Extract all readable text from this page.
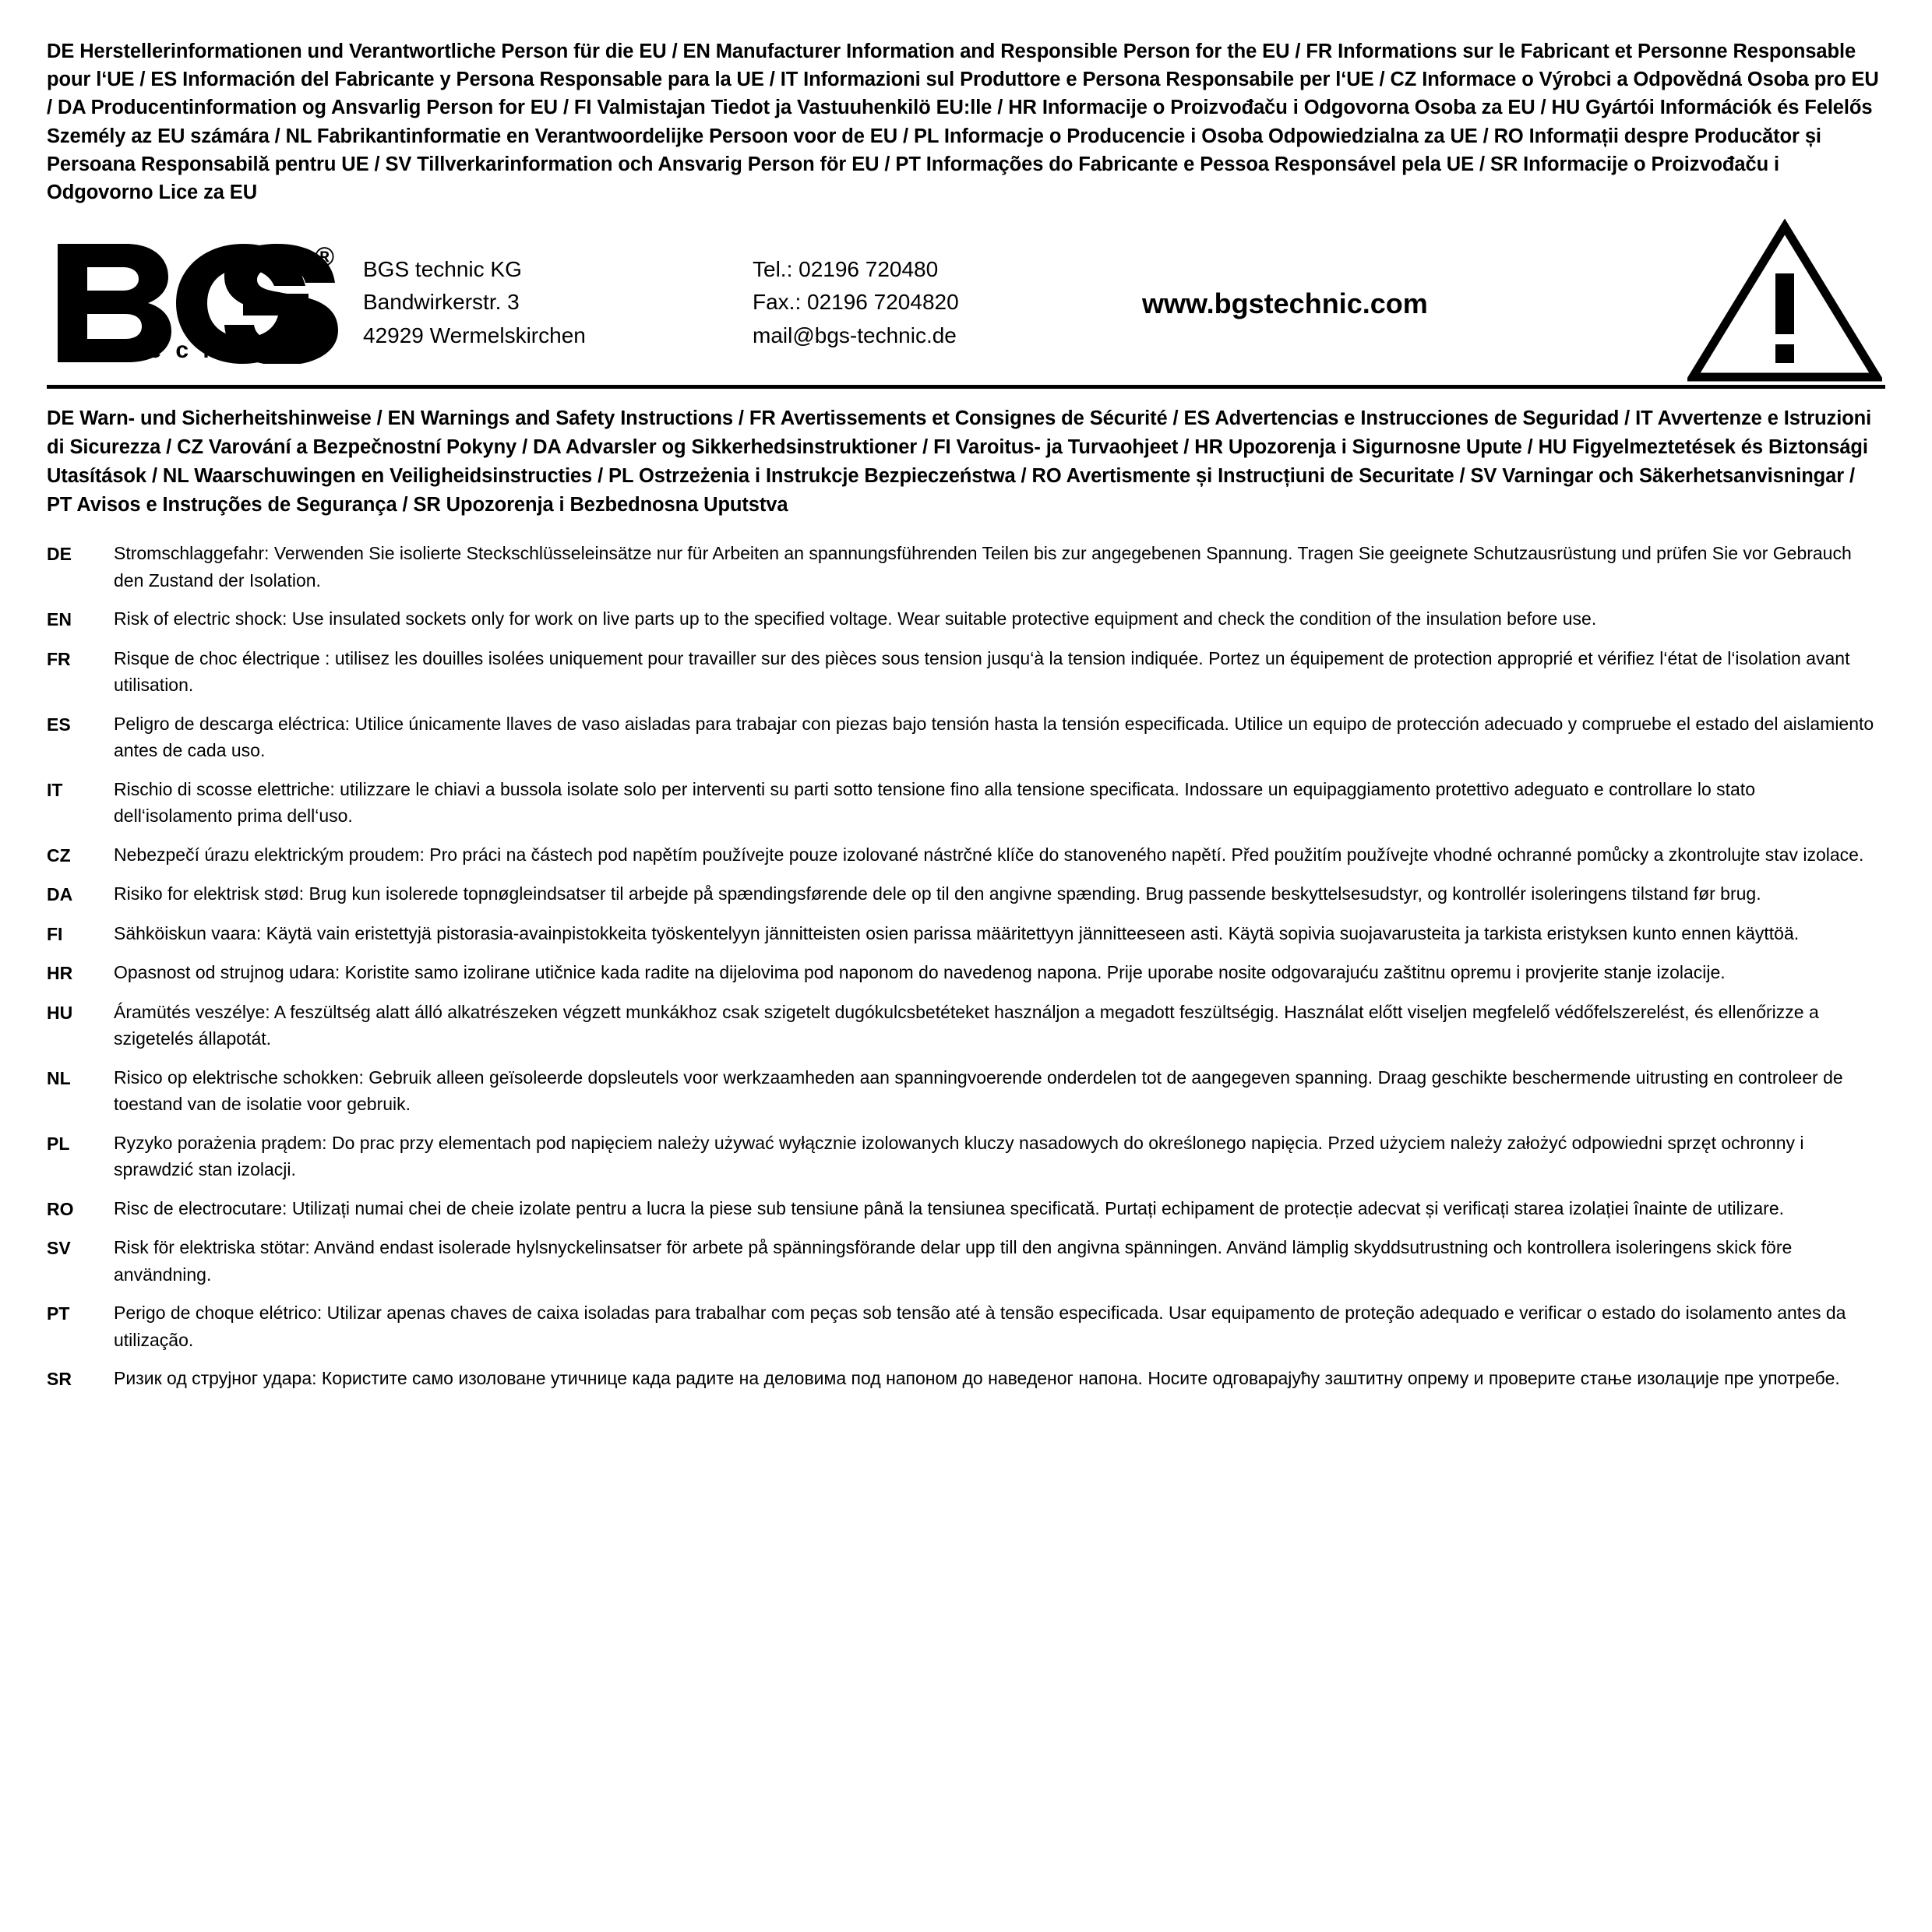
DE Herstellerinformationen und Verantwortliche Person für die EU / EN Manufacturer Information and Responsible Person for the EU / FR Informations sur le Fabricant et Personne Responsable pour l‘UE / ES Información del Fabricante y Persona Responsable para la UE / IT Informazioni sul Produttore e Persona Responsabile per l‘UE / CZ Informace o Výrobci a Odpovědná Osoba pro EU / DA Producentinformation og Ansvarlig Person for EU / FI Valmistajan Tiedot ja Vastuuhenkilö EU:lle / HR Informacije o Proizvođaču i Odgovorna Osoba za EU / HU Gyártói Információk és Felelős Személy az EU számára / NL Fabrikantinformatie en Verantwoordelijke Persoon voor de EU / PL Informacje o Producencie i Osoba Odpowiedzialna za UE / RO Informații despre Producător și Persoana Responsabilă pentru UE / SV Tillverkarinformation och Ansvarig Person för EU / PT Informações do Fabricante e Pessoa Responsável pela UE / SR Informacije o Proizvođaču i Odgovorno Lice za EU
®
t e c h n i c
BGS technic KG
Bandwirkerstr. 3
42929 Wermelskirchen
Tel.: 02196 720480
Fax.: 02196 7204820
mail@bgs-technic.de
www.bgstechnic.com
DE Warn- und Sicherheitshinweise / EN Warnings and Safety Instructions / FR Avertissements et Consignes de Sécurité / ES Advertencias e Instrucciones de Seguridad / IT Avvertenze e Istruzioni di Sicurezza / CZ Varování a Bezpečnostní Pokyny / DA Advarsler og Sikkerhedsinstruktioner / FI Varoitus- ja Turvaohjeet / HR Upozorenja i Sigurnosne Upute / HU Figyelmeztetések és Biztonsági Utasítások / NL Waarschuwingen en Veiligheidsinstructies / PL Ostrzeżenia i Instrukcje Bezpieczeństwa / RO Avertismente și Instrucțiuni de Securitate / SV Varningar och Säkerhetsanvisningar / PT Avisos e Instruções de Segurança / SR Upozorenja i Bezbednosna Uputstva
DE	Stromschlaggefahr: Verwenden Sie isolierte Steckschlüsseleinsätze nur für Arbeiten an spannungsführenden Teilen bis zur angegebenen Spannung. Tragen Sie geeignete Schutzausrüstung und prüfen Sie vor Gebrauch den Zustand der Isolation.
EN	Risk of electric shock: Use insulated sockets only for work on live parts up to the specified voltage. Wear suitable protective equipment and check the condition of the insulation before use.
FR	Risque de choc électrique : utilisez les douilles isolées uniquement pour travailler sur des pièces sous tension jusqu‘à la tension indiquée. Portez un équipement de protection approprié et vérifiez l‘état de l‘isolation avant utilisation.
ES	Peligro de descarga eléctrica: Utilice únicamente llaves de vaso aisladas para trabajar con piezas bajo tensión hasta la tensión especificada. Utilice un equipo de protección adecuado y compruebe el estado del aislamiento antes de cada uso.
IT	Rischio di scosse elettriche: utilizzare le chiavi a bussola isolate solo per interventi su parti sotto tensione fino alla tensione specificata. Indossare un equipaggiamento protettivo adeguato e controllare lo stato dell‘isolamento prima dell‘uso.
CZ	Nebezpečí úrazu elektrickým proudem: Pro práci na částech pod napětím používejte pouze izolované nástrčné klíče do stanoveného napětí. Před použitím používejte vhodné ochranné pomůcky a zkontrolujte stav izolace.
DA	Risiko for elektrisk stød: Brug kun isolerede topnøgleindsatser til arbejde på spændingsførende dele op til den angivne spænding. Brug passende beskyttelsesudstyr, og kontrollér isoleringens tilstand før brug.
FI	Sähköiskun vaara: Käytä vain eristettyjä pistorasia-avainpistokkeita työskentelyyn jännitteisten osien parissa määritettyyn jännitteeseen asti. Käytä sopivia suojavarusteita ja tarkista eristyksen kunto ennen käyttöä.
HR	Opasnost od strujnog udara: Koristite samo izolirane utičnice kada radite na dijelovima pod naponom do navedenog napona. Prije uporabe nosite odgovarajuću zaštitnu opremu i provjerite stanje izolacije.
HU	Áramütés veszélye: A feszültség alatt álló alkatrészeken végzett munkákhoz csak szigetelt dugókulcsbetéteket használjon a megadott feszültségig. Használat előtt viseljen megfelelő védőfelszerelést, és ellenőrizze a szigetelés állapotát.
NL	Risico op elektrische schokken: Gebruik alleen geïsoleerde dopsleutels voor werkzaamheden aan spanningvoerende onderdelen tot de aangegeven spanning. Draag geschikte beschermende uitrusting en controleer de toestand van de isolatie voor gebruik.
PL	Ryzyko porażenia prądem: Do prac przy elementach pod napięciem należy używać wyłącznie izolowanych kluczy nasadowych do określonego napięcia. Przed użyciem należy założyć odpowiedni sprzęt ochronny i sprawdzić stan izolacji.
RO	Risc de electrocutare: Utilizați numai chei de cheie izolate pentru a lucra la piese sub tensiune până la tensiunea specificată. Purtați echipament de protecție adecvat și verificați starea izolației înainte de utilizare.
SV	Risk för elektriska stötar: Använd endast isolerade hylsnyckelinsatser för arbete på spänningsförande delar upp till den angivna spänningen. Använd lämplig skyddsutrustning och kontrollera isoleringens skick före användning.
PT	Perigo de choque elétrico: Utilizar apenas chaves de caixa isoladas para trabalhar com peças sob tensão até à tensão especificada. Usar equipamento de proteção adequado e verificar o estado do isolamento antes da utilização.
SR	Ризик од струјног удара: Користите само изоловане утичнице када радите на деловима под напоном до наведеног напона. Носите одговарајућу заштитну опрему и проверите стање изолације пре употребе.
